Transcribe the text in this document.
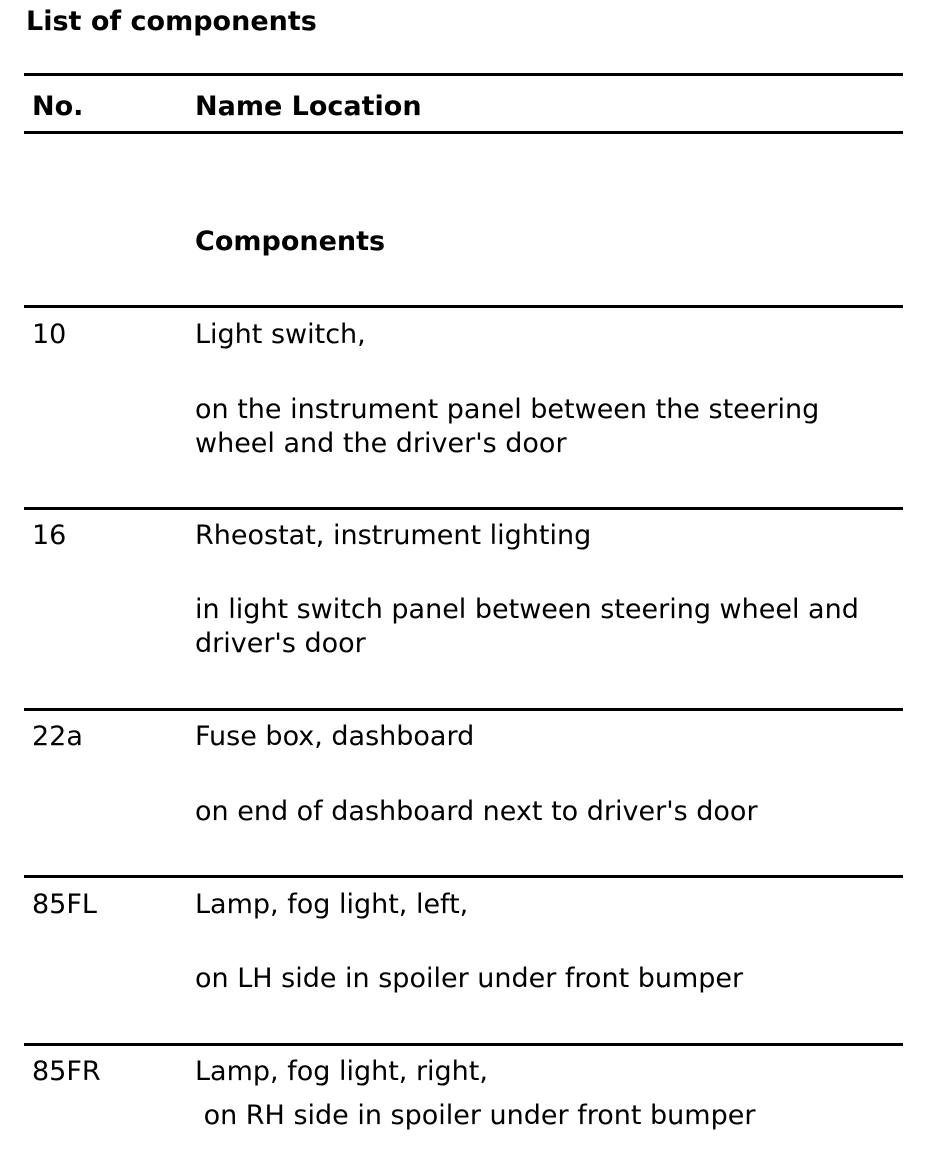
List of components
No.	Name Location
Components
10	Light switch,
on the instrument panel between the steering wheel and the driver's door
16	Rheostat, instrument lighting
in light switch panel between steering wheel and driver's door
22a	Fuse box, dashboard
on end of dashboard next to driver's door
85FL	Lamp, fog light, left,
on LH side in spoiler under front bumper
85FR	Lamp, fog light, right,
on RH side in spoiler under front bumper
